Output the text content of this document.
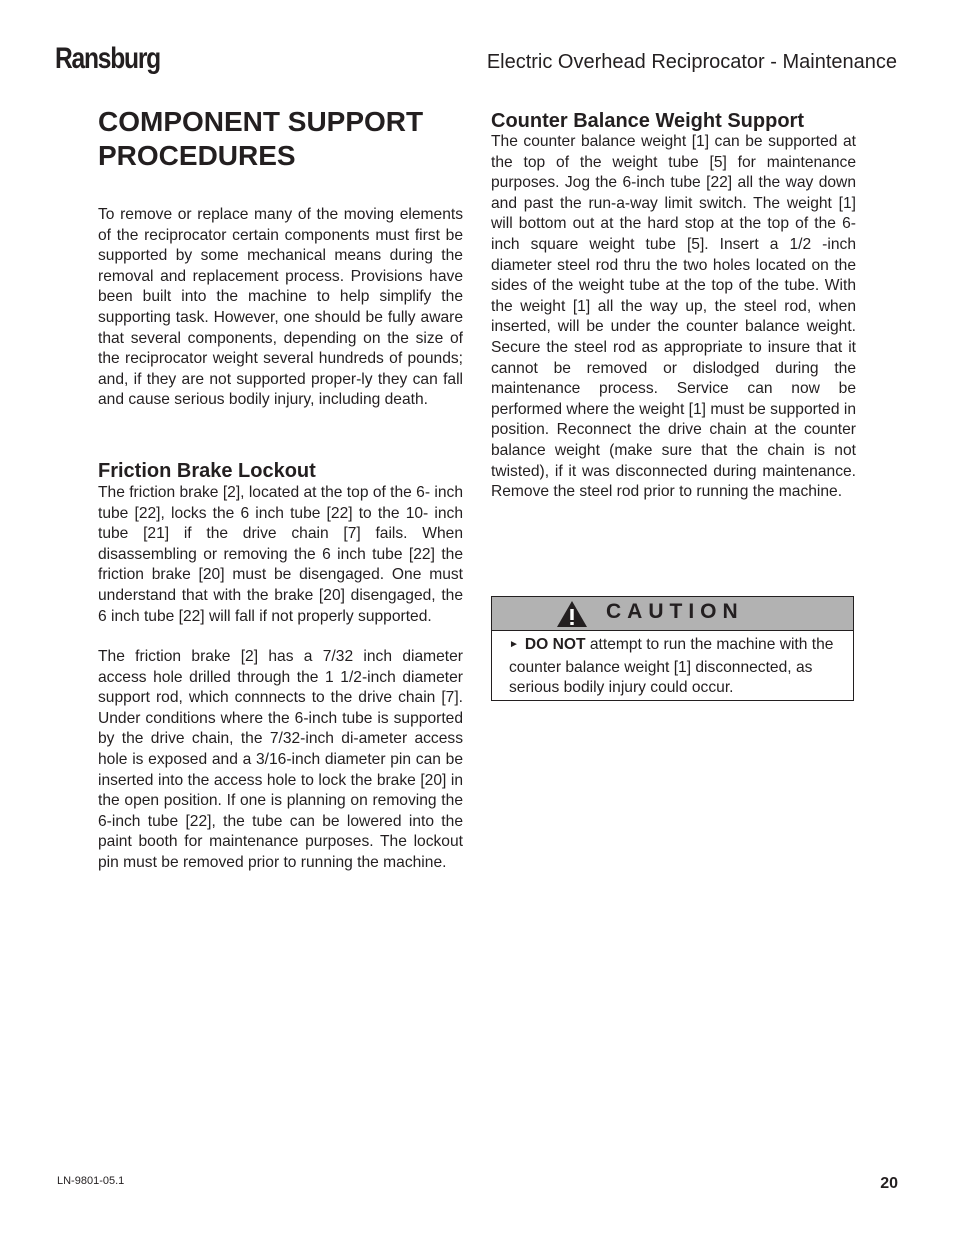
Ransburg	Electric Overhead Reciprocator - Maintenance
COMPONENT SUPPORT PROCEDURES

To remove or replace many of the moving elements of the reciprocator certain components must first be supported by some mechanical means during the removal and replacement process. Provisions have been built into the machine to help simplify the supporting task. However, one should be fully aware that several components, depending on the size of the reciprocator weight several hundreds of pounds; and, if they are not supported proper-ly they can fall and cause serious bodily injury, including death.

Friction Brake Lockout

The friction brake [2], located at the top of the 6- inch tube [22], locks the 6 inch tube [22] to the 10- inch tube [21] if the drive chain [7] fails. When disassembling or removing the 6 inch tube [22] the friction brake [20] must be disengaged. One must understand that with the brake [20] disengaged, the 6 inch tube [22] will fall if not properly supported.

The friction brake [2] has a 7/32 inch diameter access hole drilled through the 1 1/2-inch diameter support rod, which connnects to the drive chain [7]. Under conditions where the 6-inch tube is supported by the drive chain, the 7/32-inch di-ameter access hole is exposed and a 3/16-inch diameter pin can be inserted into the access hole to lock the brake [20] in the open position. If one is planning on removing the 6-inch tube [22], the tube can be lowered into the paint booth for maintenance purposes. The lockout pin must be removed prior to running the machine.

Counter Balance Weight Support

The counter balance weight [1] can be supported at the top of the weight tube [5] for maintenance purposes. Jog the 6-inch tube [22] all the way down and past the run-a-way limit switch. The weight [1] will bottom out at the hard stop at the top of the 6-inch square weight tube [5]. Insert a 1/2 -inch diameter steel rod thru the two holes located on the sides of the weight tube at the top of the tube. With the weight [1] all the way up, the steel rod, when inserted, will be under the counter balance weight. Secure the steel rod as appropriate to insure that it cannot be removed or dislodged during the maintenance process. Service can now be performed where the weight [1] must be supported in position. Reconnect the drive chain at the counter balance weight (make sure that the chain is not twisted), if it was disconnected during maintenance. Remove the steel rod prior to running the machine.

CAUTION
► DO NOT attempt to run the machine with the counter balance weight [1] disconnected, as serious bodily injury could occur.
LN-9801-05.1	20
